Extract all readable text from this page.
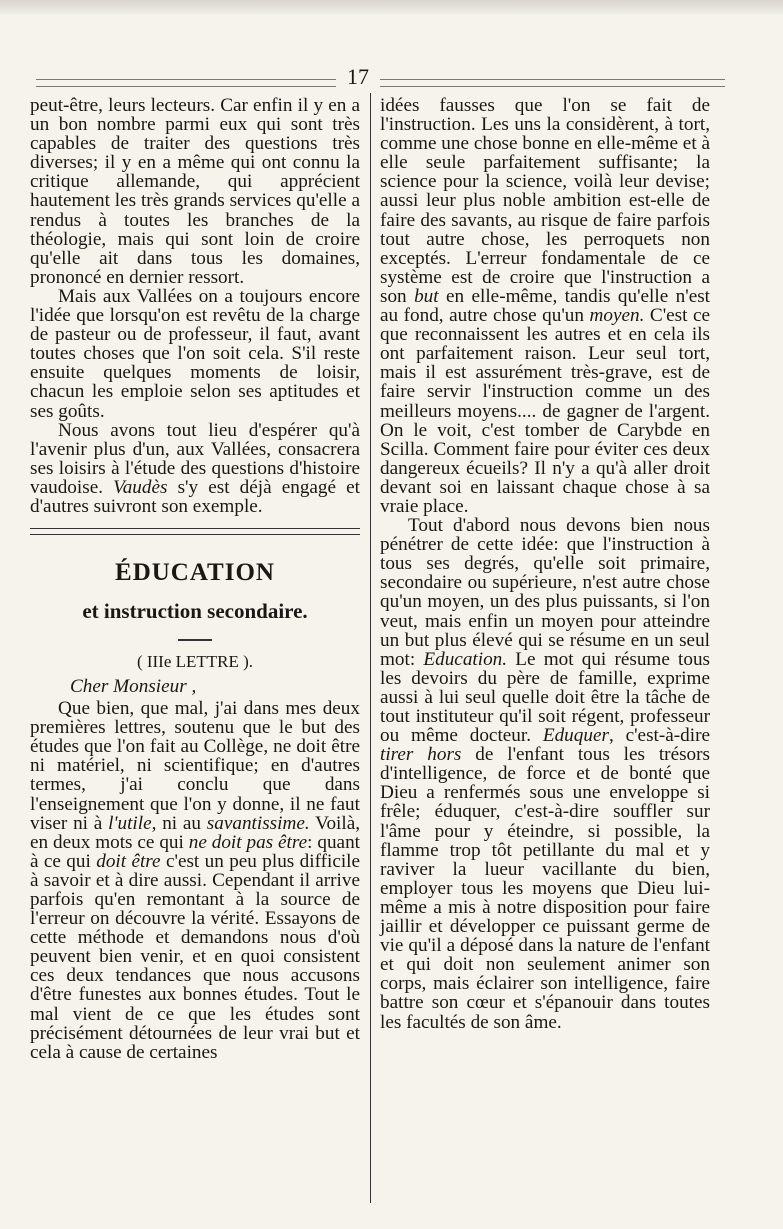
17

peut-être, leurs lecteurs. Car enfin il y en a un bon nombre parmi eux qui sont très capables de traiter des questions très diverses; il y en a même qui ont connu la critique allemande, qui apprécient hautement les très grands services qu'elle a rendus à toutes les branches de la théologie, mais qui sont loin de croire qu'elle ait dans tous les domaines, prononcé en dernier ressort.

Mais aux Vallées on a toujours encore l'idée que lorsqu'on est revêtu de la charge de pasteur ou de professeur, il faut, avant toutes choses que l'on soit cela. S'il reste ensuite quelques moments de loisir, chacun les emploie selon ses aptitudes et ses goûts.

Nous avons tout lieu d'espérer qu'à l'avenir plus d'un, aux Vallées, consacrera ses loisirs à l'étude des questions d'histoire vaudoise. Vaudès s'y est déjà engagé et d'autres suivront son exemple.

ÉDUCATION
et instruction secondaire.
( IIIe LETTRE ).
Cher Monsieur ,

Que bien, que mal, j'ai dans mes deux premières lettres, soutenu que le but des études que l'on fait au Collège, ne doit être ni matériel, ni scientifique; en d'autres termes, j'ai conclu que dans l'enseignement que l'on y donne, il ne faut viser ni à l'utile, ni au savantissime. Voilà, en deux mots ce qui ne doit pas être: quant à ce qui doit être c'est un peu plus difficile à savoir et à dire aussi. Cependant il arrive parfois qu'en remontant à la source de l'erreur on découvre la vérité. Essayons de cette méthode et demandons nous d'où peuvent bien venir, et en quoi consistent ces deux tendances que nous accusons d'être funestes aux bonnes études. Tout le mal vient de ce que les études sont précisément détournées de leur vrai but et cela à cause de certaines

idées fausses que l'on se fait de l'instruction. Les uns la considèrent, à tort, comme une chose bonne en elle-même et à elle seule parfaitement suffisante; la science pour la science, voilà leur devise; aussi leur plus noble ambition est-elle de faire des savants, au risque de faire parfois tout autre chose, les perroquets non exceptés. L'erreur fondamentale de ce système est de croire que l'instruction a son but en elle-même, tandis qu'elle n'est au fond, autre chose qu'un moyen. C'est ce que reconnaissent les autres et en cela ils ont parfaitement raison. Leur seul tort, mais il est assurément très-grave, est de faire servir l'instruction comme un des meilleurs moyens.... de gagner de l'argent. On le voit, c'est tomber de Carybde en Scilla. Comment faire pour éviter ces deux dangereux écueils? Il n'y a qu'à aller droit devant soi en laissant chaque chose à sa vraie place.

Tout d'abord nous devons bien nous pénétrer de cette idée: que l'instruction à tous ses degrés, qu'elle soit primaire, secondaire ou supérieure, n'est autre chose qu'un moyen, un des plus puissants, si l'on veut, mais enfin un moyen pour atteindre un but plus élevé qui se résume en un seul mot: Education. Le mot qui résume tous les devoirs du père de famille, exprime aussi à lui seul quelle doit être la tâche de tout instituteur qu'il soit régent, professeur ou même docteur. Eduquer, c'est-à-dire tirer hors de l'enfant tous les trésors d'intelligence, de force et de bonté que Dieu a renfermés sous une enveloppe si frêle; éduquer, c'est-à-dire souffler sur l'âme pour y éteindre, si possible, la flamme trop tôt petillante du mal et y raviver la lueur vacillante du bien, employer tous les moyens que Dieu lui-même a mis à notre disposition pour faire jaillir et développer ce puissant germe de vie qu'il a déposé dans la nature de l'enfant et qui doit non seulement animer son corps, mais éclairer son intelligence, faire battre son cœur et s'épanouir dans toutes les facultés de son âme.
